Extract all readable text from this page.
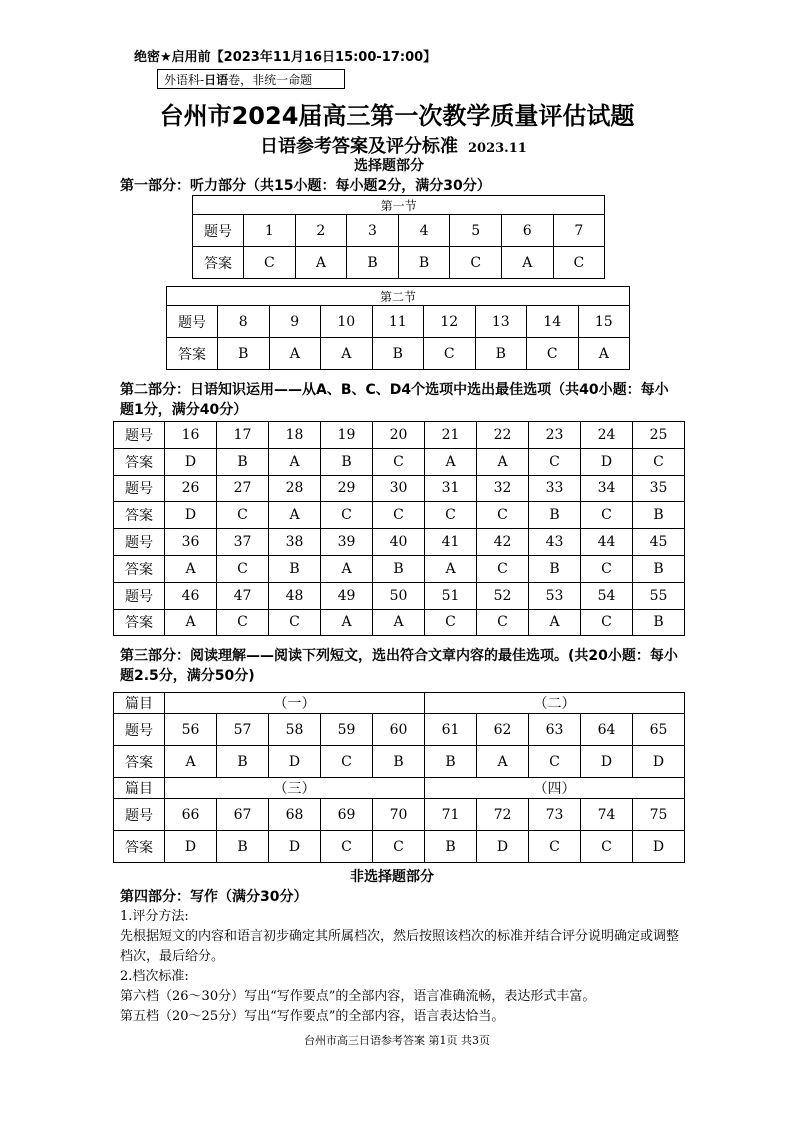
绝密★启用前【2023年11月16日15:00-17:00】
外语科-日语卷，非统一命题
台州市2024届高三第一次教学质量评估试题
日语参考答案及评分标准 2023.11
选择题部分
第一部分：听力部分（共15小题：每小题2分，满分30分）
第一节							
题号	1	2	3	4	5	6	7
答案	C	A	B	B	C	A	C
第二节								
题号	8	9	10	11	12	13	14	15
答案	B	A	A	B	C	B	C	A
第二部分：日语知识运用——从A、B、C、D4个选项中选出最佳选项（共40小题：每小题1分，满分40分）
题号	16	17	18	19	20	21	22	23	24	25
答案	D	B	A	B	C	A	A	C	D	C
题号	26	27	28	29	30	31	32	33	34	35
答案	D	C	A	C	C	C	C	B	C	B
题号	36	37	38	39	40	41	42	43	44	45
答案	A	C	B	A	B	A	C	B	C	B
题号	46	47	48	49	50	51	52	53	54	55
答案	A	C	C	A	A	C	C	A	C	B
第三部分：阅读理解——阅读下列短文，选出符合文章内容的最佳选项。(共20小题：每小题2.5分，满分50分)
篇目	（一）					（二）				
题号	56	57	58	59	60	61	62	63	64	65
答案	A	B	D	C	B	B	A	C	D	D
篇目	（三）					（四）				
题号	66	67	68	69	70	71	72	73	74	75
答案	D	B	D	C	C	B	D	C	C	D
非选择题部分
第四部分：写作（满分30分）
1.评分方法:
先根据短文的内容和语言初步确定其所属档次，然后按照该档次的标准并结合评分说明确定或调整档次，最后给分。
2.档次标准:
第六档（26～30分）写出“写作要点”的全部内容，语言准确流畅，表达形式丰富。
第五档（20～25分）写出“写作要点”的全部内容，语言表达恰当。
台州市高三日语参考答案 第1页 共3页
